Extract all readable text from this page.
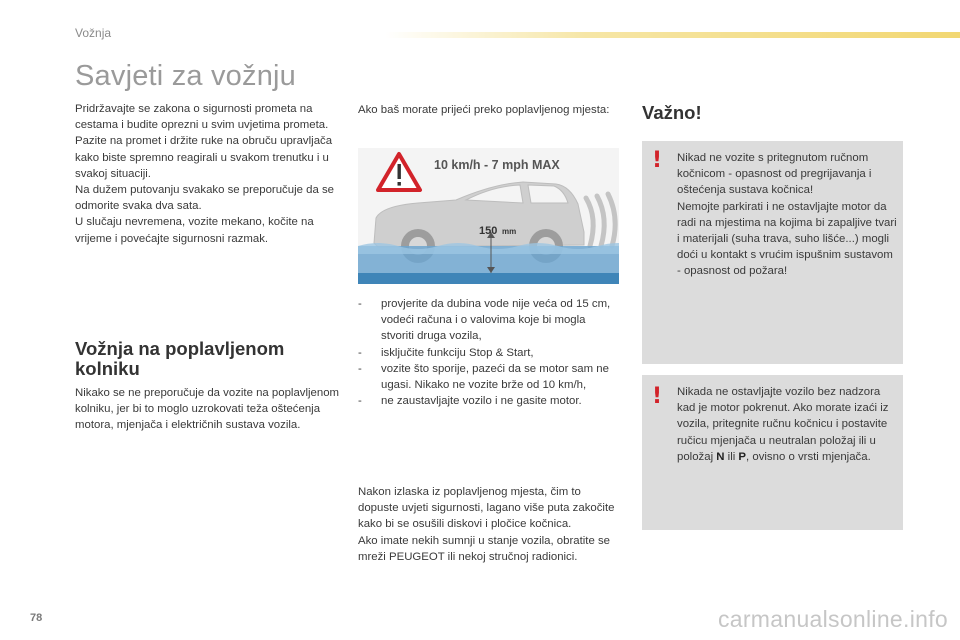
Vožnja
Savjeti za vožnju

Pridržavajte se zakona o sigurnosti prometa na cestama i budite oprezni u svim uvjetima prometa.

Pazite na promet i držite ruke na obruču upravljača kako biste spremno reagirali u svakom trenutku i u svakoj situaciji.

Na dužem putovanju svakako se preporučuje da se odmorite svaka dva sata.

U slučaju nevremena, vozite mekano, kočite na vrijeme i povećajte sigurnosni razmak.

Vožnja na poplavljenom kolniku
Nikako se ne preporučuje da vozite na poplavljenom kolniku, jer bi to moglo uzrokovati teža oštećenja motora, mjenjača i električnih sustava vozila.
Ako baš morate prijeći preko poplavljenog mjesta:
10 km/h - 7 mph MAX
150 mm
- provjerite da dubina vode nije veća od 15 cm, vodeći računa i o valovima koje bi mogla stvoriti druga vozila,
- isključite funkciju Stop & Start,
- vozite što sporije, pazeći da se motor sam ne ugasi. Nikako ne vozite brže od 10 km/h,
- ne zaustavljajte vozilo i ne gasite motor.

Nakon izlaska iz poplavljenog mjesta, čim to dopuste uvjeti sigurnosti, lagano više puta zakočite kako bi se osušili diskovi i pločice kočnica.

Ako imate nekih sumnji u stanje vozila, obratite se mreži PEUGEOT ili nekoj stručnoj radionici.

Važno!
! Nikad ne vozite s pritegnutom ručnom kočnicom - opasnost od pregrijavanja i oštećenja sustava kočnica!

Nemojte parkirati i ne ostavljajte motor da radi na mjestima na kojima bi zapaljive tvari i materijali (suha trava, suho lišće...) mogli doći u kontakt s vrućim ispušnim sustavom - opasnost od požara!

! Nikada ne ostavljajte vozilo bez nadzora kad je motor pokrenut. Ako morate izaći iz vozila, pritegnite ručnu kočnicu i postavite ručicu mjenjača u neutralan položaj ili u položaj N ili P, ovisno o vrsti mjenjača.
78	carmanualsonline.info
